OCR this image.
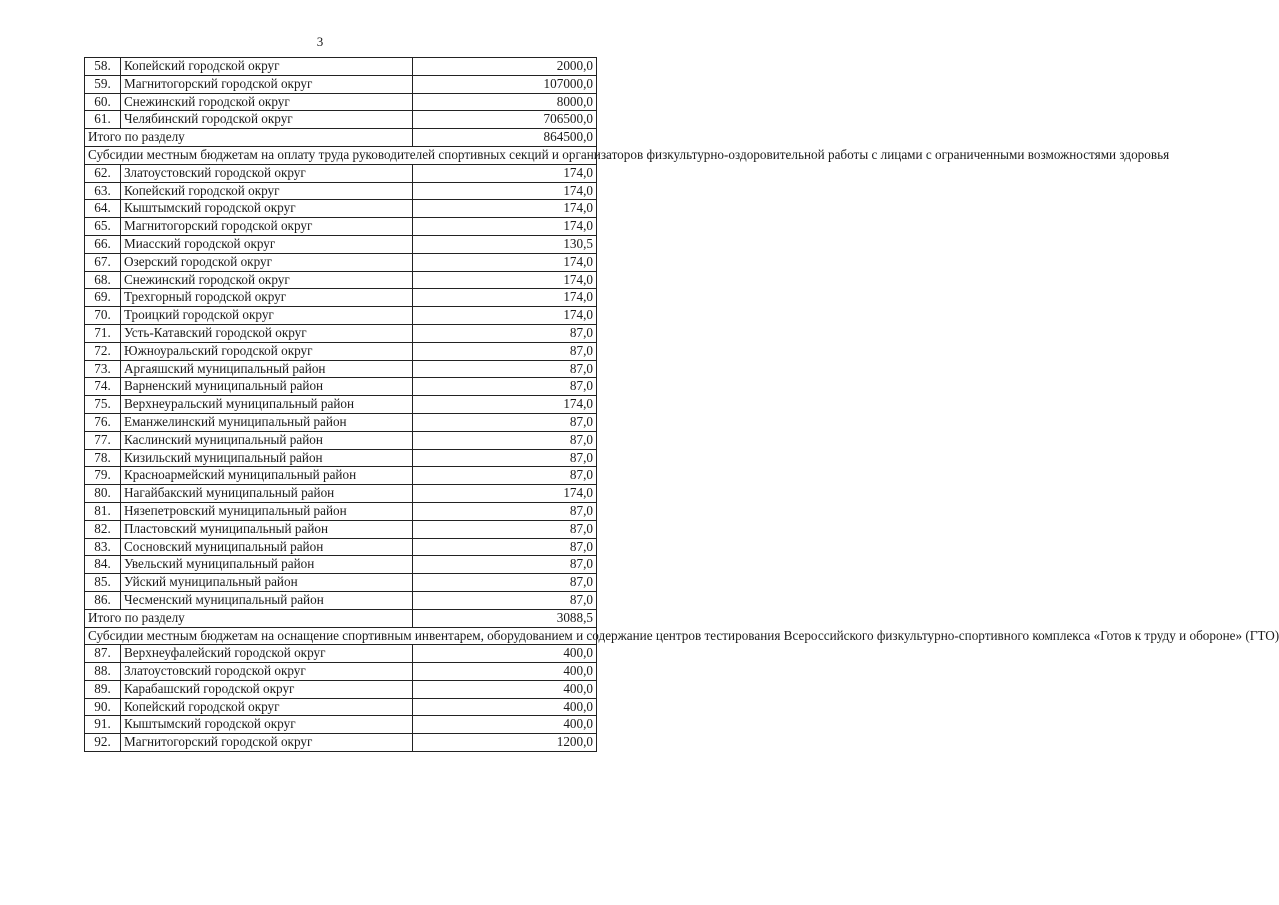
3
58.	Копейский городской округ	2000,0
59.	Магнитогорский городской округ	107000,0
60.	Снежинский городской округ	8000,0
61.	Челябинский городской округ	706500,0
Итого по разделу		864500,0
Субсидии местным бюджетам на оплату труда руководителей спортивных секций и организаторов физкультурно-оздоровительной работы с лицами с ограниченными возможностями здоровья		
62.	Златоустовский городской округ	174,0
63.	Копейский городской округ	174,0
64.	Кыштымский городской округ	174,0
65.	Магнитогорский городской округ	174,0
66.	Миасский городской округ	130,5
67.	Озерский городской округ	174,0
68.	Снежинский городской округ	174,0
69.	Трехгорный городской округ	174,0
70.	Троицкий городской округ	174,0
71.	Усть-Катавский городской округ	87,0
72.	Южноуральский городской округ	87,0
73.	Аргаяшский муниципальный район	87,0
74.	Варненский муниципальный район	87,0
75.	Верхнеуральский муниципальный район	174,0
76.	Еманжелинский муниципальный район	87,0
77.	Каслинский муниципальный район	87,0
78.	Кизильский муниципальный район	87,0
79.	Красноармейский муниципальный район	87,0
80.	Нагайбакский муниципальный район	174,0
81.	Нязепетровский муниципальный район	87,0
82.	Пластовский муниципальный район	87,0
83.	Сосновский муниципальный район	87,0
84.	Увельский муниципальный район	87,0
85.	Уйский муниципальный район	87,0
86.	Чесменский муниципальный район	87,0
Итого по разделу		3088,5
Субсидии местным бюджетам на оснащение спортивным инвентарем, оборудованием и содержание центров тестирования Всероссийского физкультурно-спортивного комплекса «Готов к труду и обороне» (ГТО)		
87.	Верхнеуфалейский городской округ	400,0
88.	Златоустовский городской округ	400,0
89.	Карабашский городской округ	400,0
90.	Копейский городской округ	400,0
91.	Кыштымский городской округ	400,0
92.	Магнитогорский городской округ	1200,0
